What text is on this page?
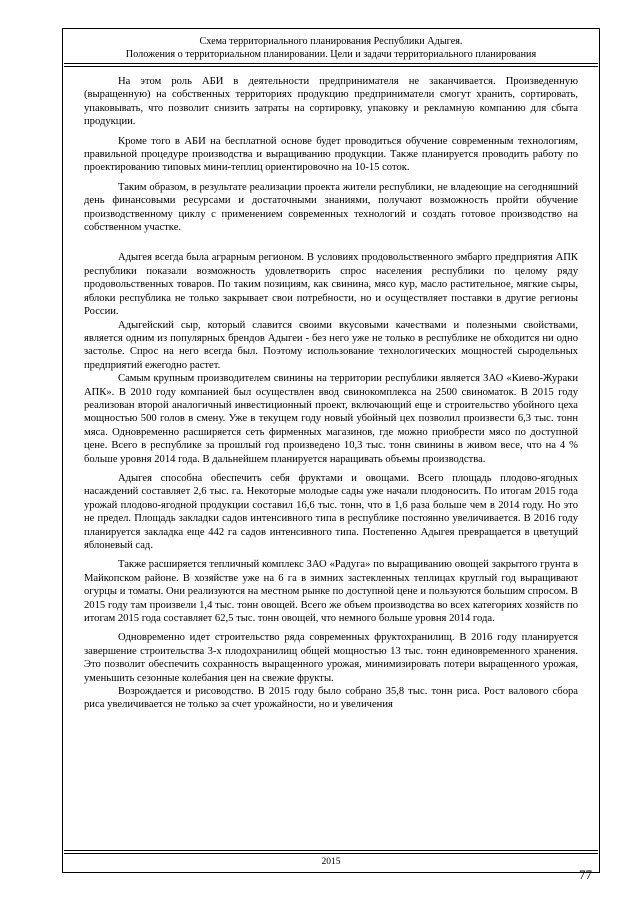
Схема территориального планирования Республики Адыгея.
Положения о территориальном планировании. Цели и задачи территориального планирования

На этом роль АБИ в деятельности предпринимателя не заканчивается. Произведенную (выращенную) на собственных территориях продукцию предприниматели смогут хранить, сортировать, упаковывать, что позволит снизить затраты на сортировку, упаковку и рекламную компанию для сбыта продукции.

Кроме того в АБИ на бесплатной основе будет проводиться обучение современным технологиям, правильной процедуре производства и выращиванию продукции. Также планируется проводить работу по проектированию типовых мини-теплиц ориентировочно на 10-15 соток.

Таким образом, в результате реализации проекта жители республики, не владеющие на сегодняшний день финансовыми ресурсами и достаточными знаниями, получают возможность пройти обучение производственному циклу с применением современных технологий и создать готовое производство на собственном участке.

Адыгея всегда была аграрным регионом. В условиях продовольственного эмбарго предприятия АПК республики показали возможность удовлетворить спрос населения республики по целому ряду продовольственных товаров. По таким позициям, как свинина, мясо кур, масло растительное, мягкие сыры, яблоки республика не только закрывает свои потребности, но и осуществляет поставки в другие регионы России.

Адыгейский сыр, который славится своими вкусовыми качествами и полезными свойствами, является одним из популярных брендов Адыгеи - без него уже не только в республике не обходится ни одно застолье. Спрос на него всегда был. Поэтому использование технологических мощностей сыродельных предприятий ежегодно растет.

Самым крупным производителем свинины на территории республики является ЗАО «Киево-Жураки АПК». В 2010 году компанией был осуществлен ввод свинокомплекса на 2500 свиноматок. В 2015 году реализован второй аналогичный инвестиционный проект, включающий еще и строительство убойного цеха мощностью 500 голов в смену. Уже в текущем году новый убойный цех позволил произвести 6,3 тыс. тонн мяса. Одновременно расширяется сеть фирменных магазинов, где можно приобрести мясо по доступной цене. Всего в республике за прошлый год произведено 10,3 тыс. тонн свинины в живом весе, что на 4 % больше уровня 2014 года. В дальнейшем планируется наращивать объемы производства.

Адыгея способна обеспечить себя фруктами и овощами. Всего площадь плодово-ягодных насаждений составляет 2,6 тыс. га. Некоторые молодые сады уже начали плодоносить. По итогам 2015 года урожай плодово-ягодной продукции составил 16,6 тыс. тонн, что в 1,6 раза больше чем в 2014 году. Но это не предел. Площадь закладки садов интенсивного типа в республике постоянно увеличивается. В 2016 году планируется закладка еще 442 га садов интенсивного типа. Постепенно Адыгея превращается в цветущий яблоневый сад.

Также расширяется тепличный комплекс ЗАО «Радуга» по выращиванию овощей закрытого грунта в Майкопском районе. В хозяйстве уже на 6 га в зимних застекленных теплицах круглый год выращивают огурцы и томаты. Они реализуются на местном рынке по доступной цене и пользуются большим спросом. В 2015 году там произвели 1,4 тыс. тонн овощей. Всего же объем производства во всех категориях хозяйств по итогам 2015 года составляет 62,5 тыс. тонн овощей, что немного больше уровня 2014 года.

Одновременно идет строительство ряда современных фруктохранилищ. В 2016 году планируется завершение строительства 3-х плодохранилищ общей мощностью 13 тыс. тонн единовременного хранения. Это позволит обеспечить сохранность выращенного урожая, минимизировать потери выращенного урожая, уменьшить сезонные колебания цен на свежие фрукты.

Возрождается и рисоводство. В 2015 году было собрано 35,8 тыс. тонн риса. Рост валового сбора риса увеличивается не только за счет урожайности, но и увеличения

2015
77
